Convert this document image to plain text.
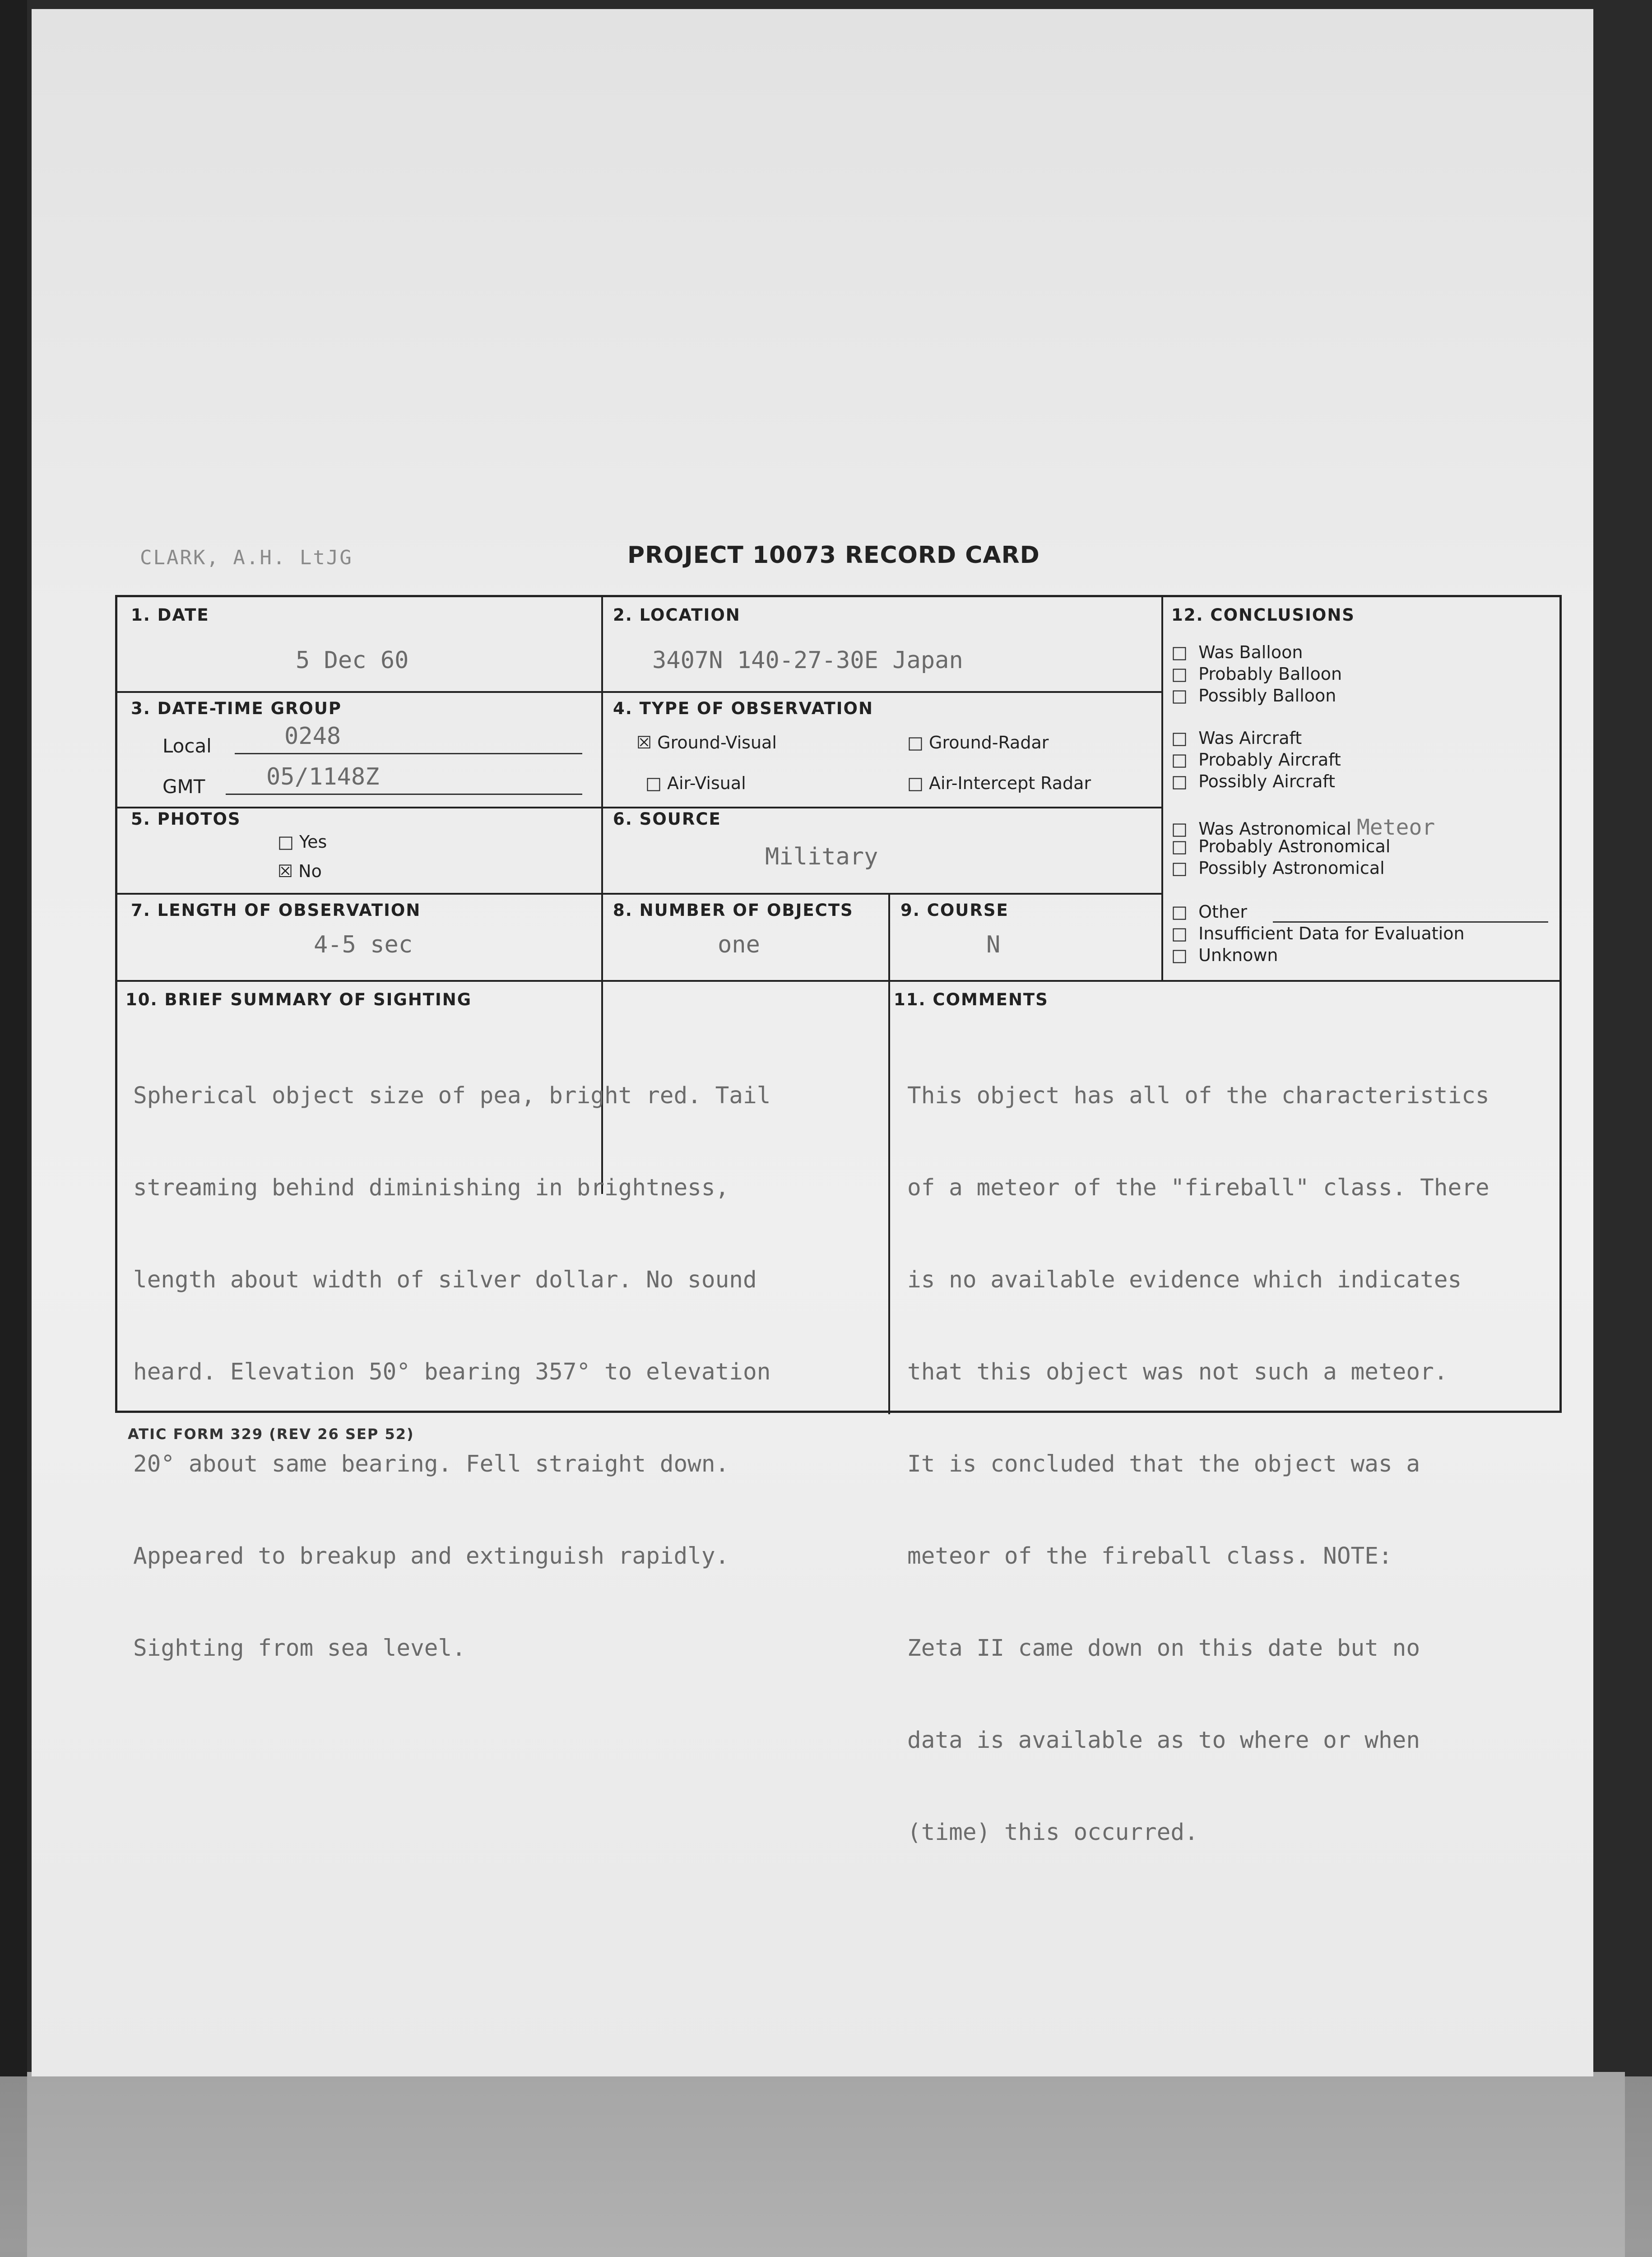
CLARK, A.H. LtJG	PROJECT 10073 RECORD CARD
1. DATE
5 Dec 60
2. LOCATION
3407N 140-27-30E Japan
3. DATE-TIME GROUP
Local	0248
GMT	05/1148Z
4. TYPE OF OBSERVATION
☒ Ground-Visual	□ Ground-Radar
□ Air-Visual	□ Air-Intercept Radar
5. PHOTOS
□ Yes
☒ No
6. SOURCE
Military
7. LENGTH OF OBSERVATION
4-5 sec
8. NUMBER OF OBJECTS
one
9. COURSE
N
10. BRIEF SUMMARY OF SIGHTING

Spherical object size of pea, bright red. Tail

streaming behind diminishing in brightness,

length about width of silver dollar. No sound

heard. Elevation 50° bearing 357° to elevation

20° about same bearing. Fell straight down.

Appeared to breakup and extinguish rapidly.

Sighting from sea level.

11. COMMENTS

This object has all of the characteristics

of a meteor of the "fireball" class. There

is no available evidence which indicates

that this object was not such a meteor.

It is concluded that the object was a

meteor of the fireball class. NOTE:

Zeta II came down on this date but no

data is available as to where or when

(time) this occurred.

12. CONCLUSIONS
□ Was Balloon
□ Probably Balloon
□ Possibly Balloon
□ Was Aircraft
□ Probably Aircraft
□ Possibly Aircraft
□ Was Astronomical Meteor
□ Probably Astronomical
□ Possibly Astronomical
□ Other
□ Insufficient Data for Evaluation
□ Unknown
ATIC FORM 329 (REV 26 SEP 52)
